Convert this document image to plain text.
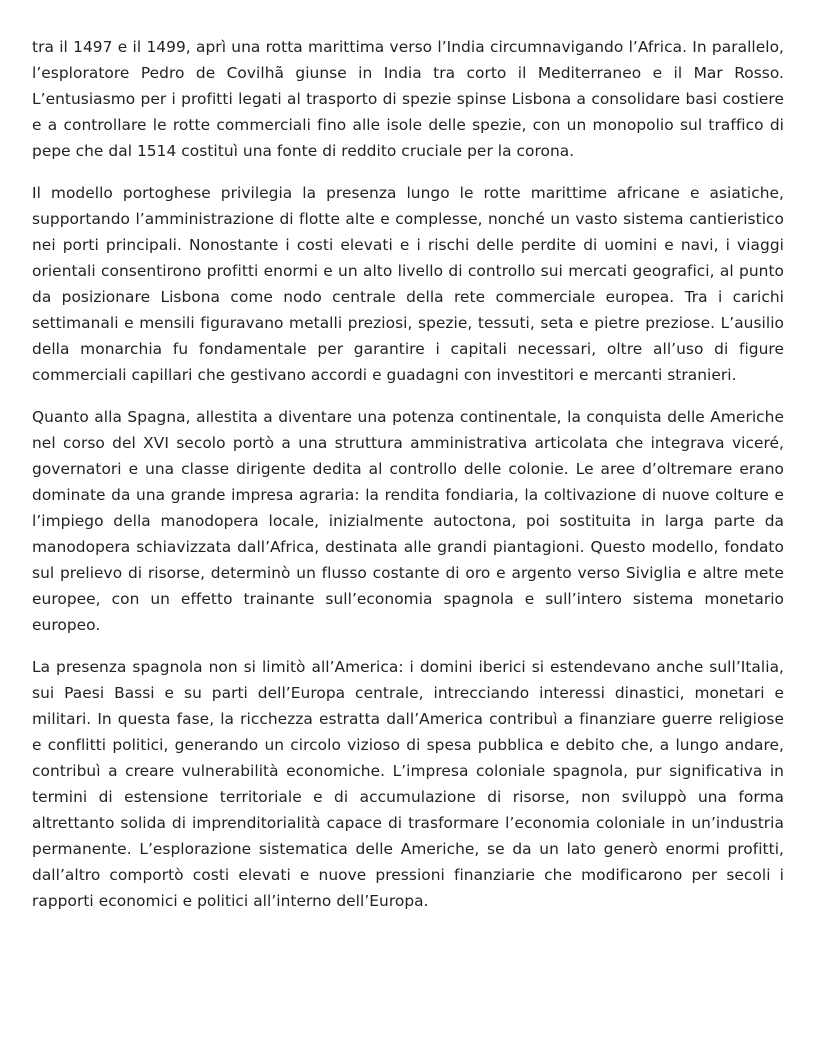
tra il 1497 e il 1499, aprì una rotta marittima verso l’India circumnavigando l’Africa. In parallelo, l’esploratore Pedro de Covilhã giunse in India tra corto il Mediterraneo e il Mar Rosso. L’entusiasmo per i profitti legati al trasporto di spezie spinse Lisbona a consolidare basi costiere e a controllare le rotte commerciali fino alle isole delle spezie, con un monopolio sul traffico di pepe che dal 1514 costituì una fonte di reddito cruciale per la corona.

Il modello portoghese privilegia la presenza lungo le rotte marittime africane e asiatiche, supportando l’amministrazione di flotte alte e complesse, nonché un vasto sistema cantieristico nei porti principali. Nonostante i costi elevati e i rischi delle perdite di uomini e navi, i viaggi orientali consentirono profitti enormi e un alto livello di controllo sui mercati geografici, al punto da posizionare Lisbona come nodo centrale della rete commerciale europea. Tra i carichi settimanali e mensili figuravano metalli preziosi, spezie, tessuti, seta e pietre preziose. L’ausilio della monarchia fu fondamentale per garantire i capitali necessari, oltre all’uso di figure commerciali capillari che gestivano accordi e guadagni con investitori e mercanti stranieri.

Quanto alla Spagna, allestita a diventare una potenza continentale, la conquista delle Americhe nel corso del XVI secolo portò a una struttura amministrativa articolata che integrava viceré, governatori e una classe dirigente dedita al controllo delle colonie. Le aree d’oltremare erano dominate da una grande impresa agraria: la rendita fondiaria, la coltivazione di nuove colture e l’impiego della manodopera locale, inizialmente autoctona, poi sostituita in larga parte da manodopera schiavizzata dall’Africa, destinata alle grandi piantagioni. Questo modello, fondato sul prelievo di risorse, determinò un flusso costante di oro e argento verso Siviglia e altre mete europee, con un effetto trainante sull’economia spagnola e sull’intero sistema monetario europeo.

La presenza spagnola non si limitò all’America: i domini iberici si estendevano anche sull’Italia, sui Paesi Bassi e su parti dell’Europa centrale, intrecciando interessi dinastici, monetari e militari. In questa fase, la ricchezza estratta dall’America contribuì a finanziare guerre religiose e conflitti politici, generando un circolo vizioso di spesa pubblica e debito che, a lungo andare, contribuì a creare vulnerabilità economiche. L’impresa coloniale spagnola, pur significativa in termini di estensione territoriale e di accumulazione di risorse, non sviluppò una forma altrettanto solida di imprenditorialità capace di trasformare l’economia coloniale in un’industria permanente. L’esplorazione sistematica delle Americhe, se da un lato generò enormi profitti, dall’altro comportò costi elevati e nuove pressioni finanziarie che modificarono per secoli i rapporti economici e politici all’interno dell’Europa.
